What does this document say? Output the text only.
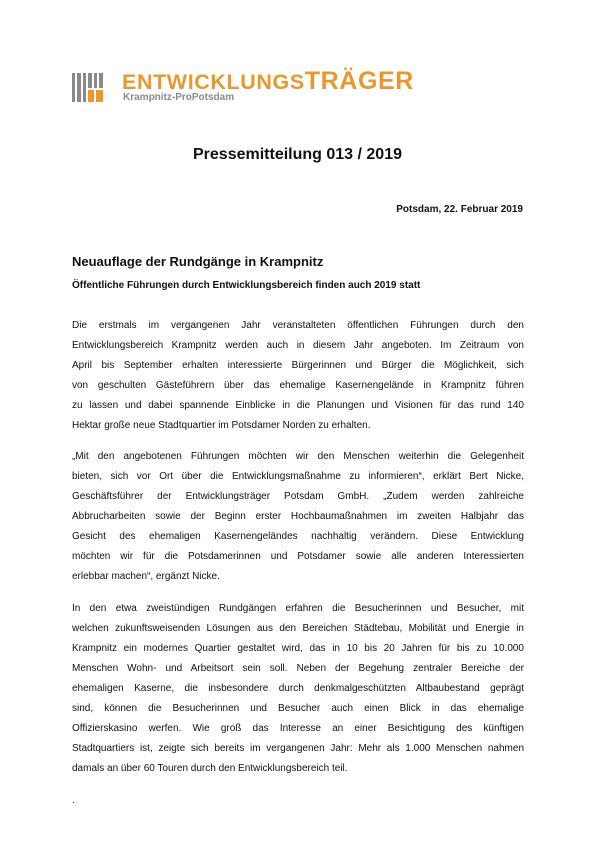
ENTWICKLUNGSTRÄGER
Krampnitz-ProPotsdam
Pressemitteilung 013 / 2019
Potsdam, 22. Februar 2019
Neuauflage der Rundgänge in Krampnitz
Öffentliche Führungen durch Entwicklungsbereich finden auch 2019 statt

Die erstmals im vergangenen Jahr veranstalteten öffentlichen Führungen durch den
Entwicklungsbereich Krampnitz werden auch in diesem Jahr angeboten. Im Zeitraum von
April bis September erhalten interessierte Bürgerinnen und Bürger die Möglichkeit, sich
von geschulten Gästeführern über das ehemalige Kasernengelände in Krampnitz führen
zu lassen und dabei spannende Einblicke in die Planungen und Visionen für das rund 140
Hektar große neue Stadtquartier im Potsdamer Norden zu erhalten.

„Mit den angebotenen Führungen möchten wir den Menschen weiterhin die Gelegenheit
bieten, sich vor Ort über die Entwicklungsmaßnahme zu informieren“, erklärt Bert Nicke,
Geschäftsführer der Entwicklungsträger Potsdam GmbH. „Zudem werden zahlreiche
Abbrucharbeiten sowie der Beginn erster Hochbaumaßnahmen im zweiten Halbjahr das
Gesicht des ehemaligen Kasernengeländes nachhaltig verändern. Diese Entwicklung
möchten wir für die Potsdamerinnen und Potsdamer sowie alle anderen Interessierten
erlebbar machen“, ergänzt Nicke.

In den etwa zweistündigen Rundgängen erfahren die Besucherinnen und Besucher, mit
welchen zukunftsweisenden Lösungen aus den Bereichen Städtebau, Mobilität und Energie in
Krampnitz ein modernes Quartier gestaltet wird, das in 10 bis 20 Jahren für bis zu 10.000
Menschen Wohn- und Arbeitsort sein soll. Neben der Begehung zentraler Bereiche der
ehemaligen Kaserne, die insbesondere durch denkmalgeschützten Altbaubestand geprägt
sind, können die Besucherinnen und Besucher auch einen Blick in das ehemalige
Offizierskasino werfen. Wie groß das Interesse an einer Besichtigung des künftigen
Stadtquartiers ist, zeigte sich bereits im vergangenen Jahr: Mehr als 1.000 Menschen nahmen
damals an über 60 Touren durch den Entwicklungsbereich teil.

.
